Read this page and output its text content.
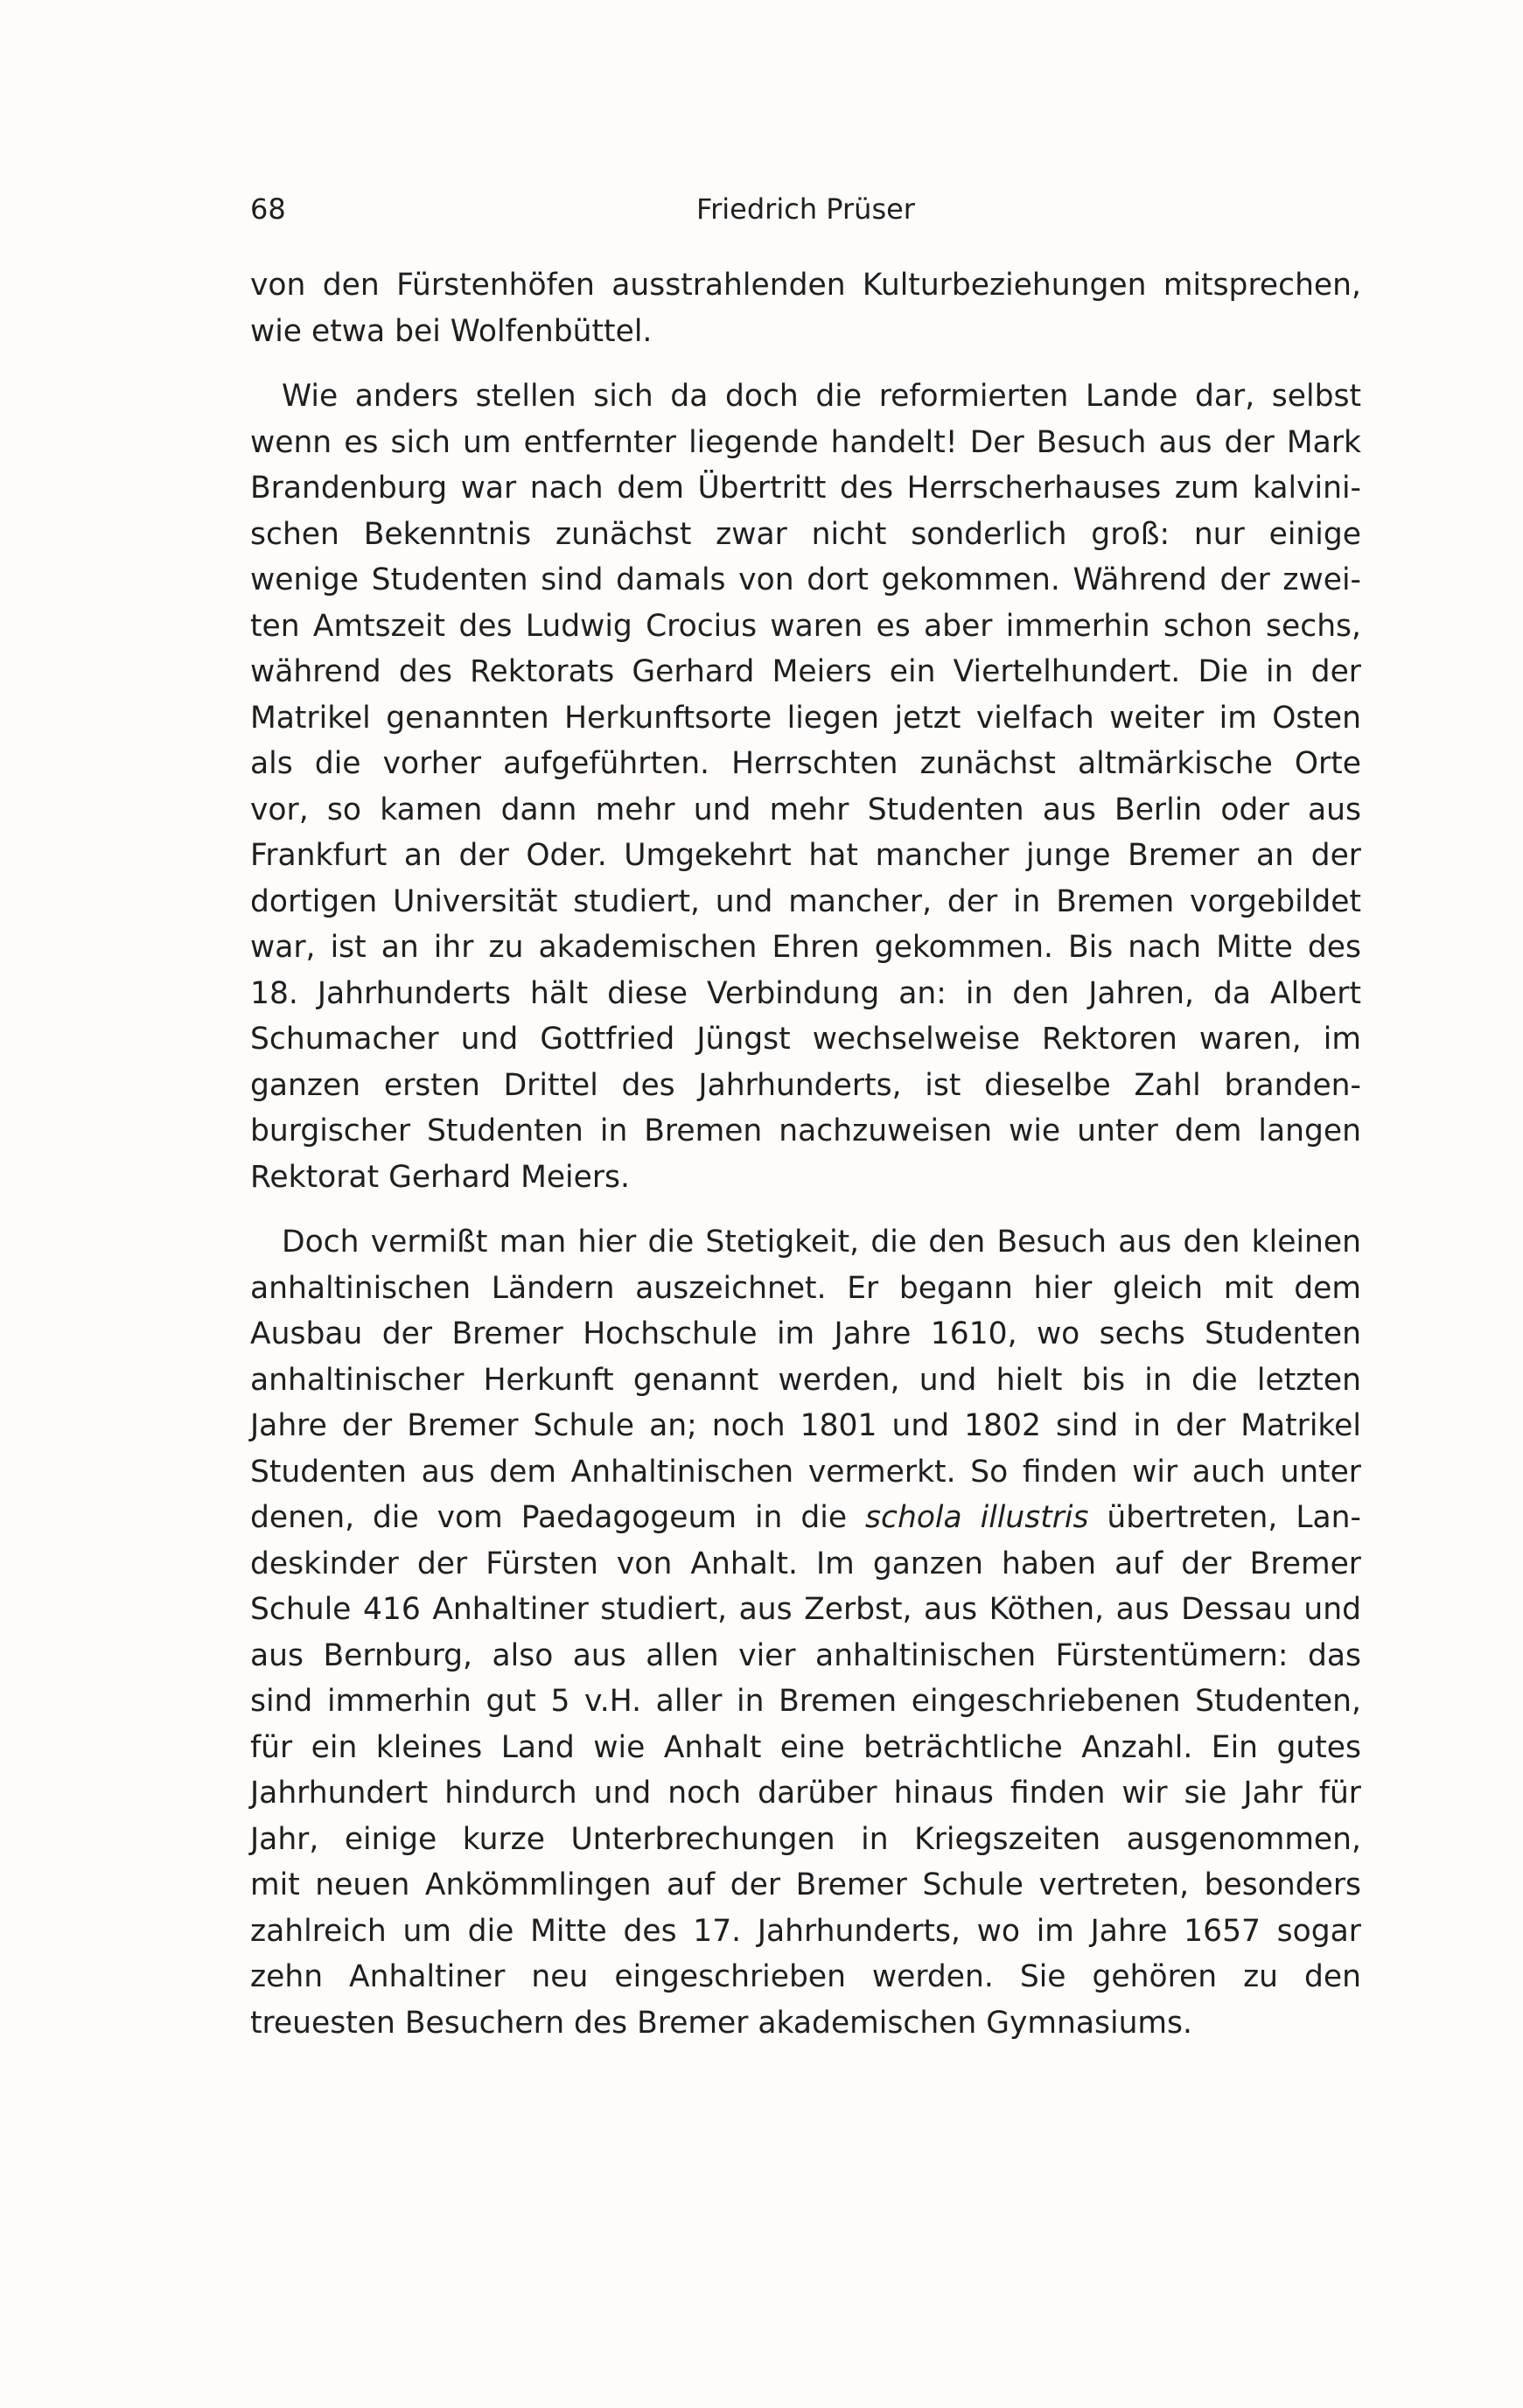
68	Friedrich Prüser
von den Fürstenhöfen ausstrahlenden Kulturbeziehungen mitsprechen,
wie etwa bei Wolfenbüttel.
Wie anders stellen sich da doch die reformierten Lande dar, selbst
wenn es sich um entfernter liegende handelt! Der Besuch aus der Mark
Brandenburg war nach dem Übertritt des Herrscherhauses zum kalvini-
schen Bekenntnis zunächst zwar nicht sonderlich groß: nur einige
wenige Studenten sind damals von dort gekommen. Während der zwei-
ten Amtszeit des Ludwig Crocius waren es aber immerhin schon sechs,
während des Rektorats Gerhard Meiers ein Viertelhundert. Die in der
Matrikel genannten Herkunftsorte liegen jetzt vielfach weiter im Osten
als die vorher aufgeführten. Herrschten zunächst altmärkische Orte
vor, so kamen dann mehr und mehr Studenten aus Berlin oder aus
Frankfurt an der Oder. Umgekehrt hat mancher junge Bremer an der
dortigen Universität studiert, und mancher, der in Bremen vorgebildet
war, ist an ihr zu akademischen Ehren gekommen. Bis nach Mitte des
18. Jahrhunderts hält diese Verbindung an: in den Jahren, da Albert
Schumacher und Gottfried Jüngst wechselweise Rektoren waren, im
ganzen ersten Drittel des Jahrhunderts, ist dieselbe Zahl branden-
burgischer Studenten in Bremen nachzuweisen wie unter dem langen
Rektorat Gerhard Meiers.
Doch vermißt man hier die Stetigkeit, die den Besuch aus den kleinen
anhaltinischen Ländern auszeichnet. Er begann hier gleich mit dem
Ausbau der Bremer Hochschule im Jahre 1610, wo sechs Studenten
anhaltinischer Herkunft genannt werden, und hielt bis in die letzten
Jahre der Bremer Schule an; noch 1801 und 1802 sind in der Matrikel
Studenten aus dem Anhaltinischen vermerkt. So finden wir auch unter
denen, die vom Paedagogeum in die schola illustris übertreten, Lan-
deskinder der Fürsten von Anhalt. Im ganzen haben auf der Bremer
Schule 416 Anhaltiner studiert, aus Zerbst, aus Köthen, aus Dessau und
aus Bernburg, also aus allen vier anhaltinischen Fürstentümern: das
sind immerhin gut 5 v.H. aller in Bremen eingeschriebenen Studenten,
für ein kleines Land wie Anhalt eine beträchtliche Anzahl. Ein gutes
Jahrhundert hindurch und noch darüber hinaus finden wir sie Jahr für
Jahr, einige kurze Unterbrechungen in Kriegszeiten ausgenommen,
mit neuen Ankömmlingen auf der Bremer Schule vertreten, besonders
zahlreich um die Mitte des 17. Jahrhunderts, wo im Jahre 1657 sogar
zehn Anhaltiner neu eingeschrieben werden. Sie gehören zu den
treuesten Besuchern des Bremer akademischen Gymnasiums.
